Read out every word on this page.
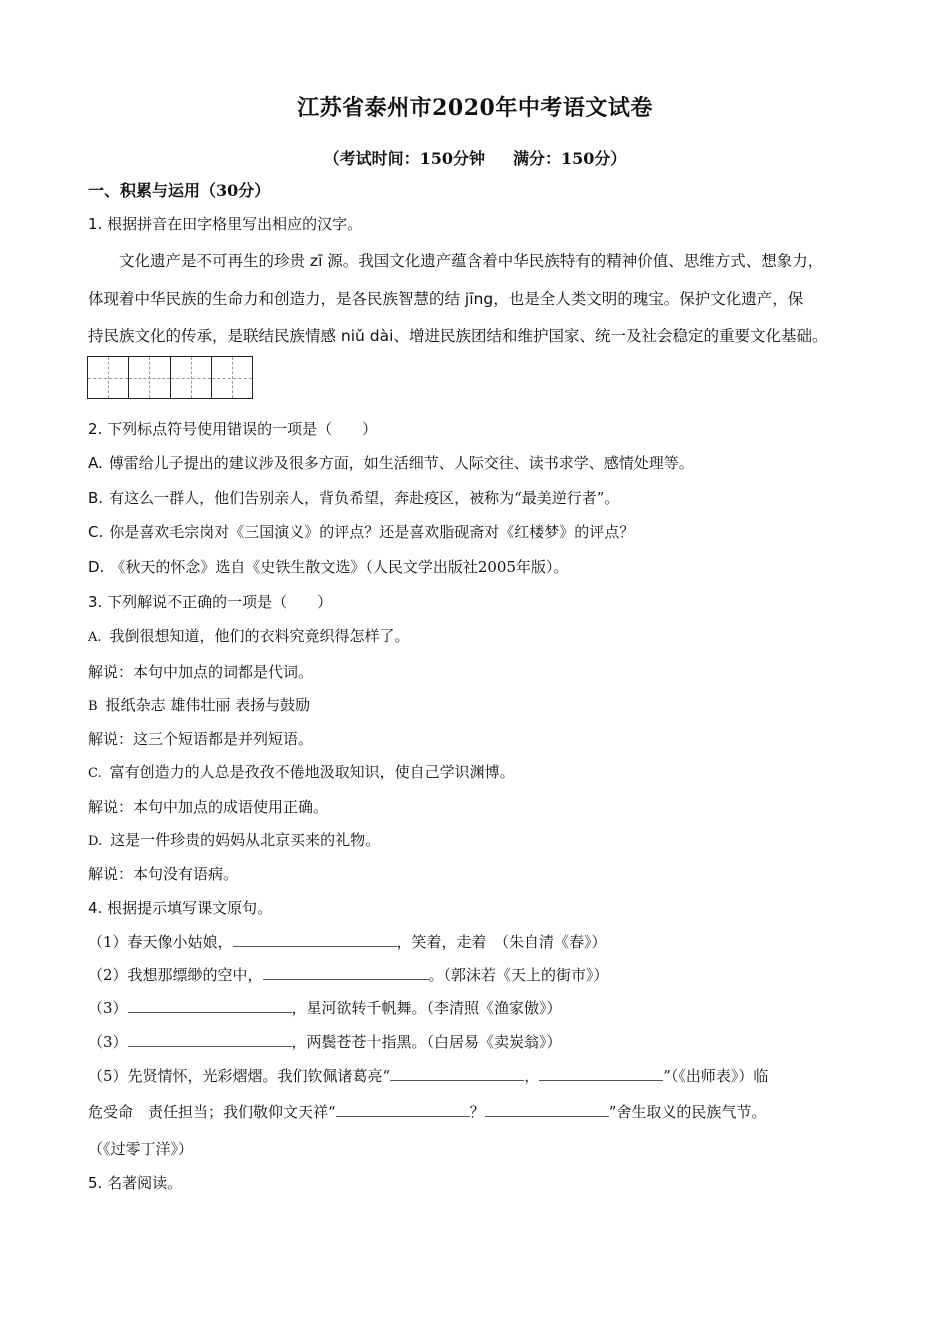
江苏省泰州市2020年中考语文试卷
（考试时间：150分钟 满分：150分）
一、积累与运用（30分）
1. 根据拼音在田字格里写出相应的汉字。
　　文化遗产是不可再生的珍贵 zī 源。我国文化遗产蕴含着中华民族特有的精神价值、思维方式、想象力，
体现着中华民族的生命力和创造力，是各民族智慧的结 jīng，也是全人类文明的瑰宝。保护文化遗产，保
持民族文化的传承，是联结民族情感 niǔ dài、增进民族团结和维护国家、统一及社会稳定的重要文化基础。
2. 下列标点符号使用错误的一项是（　　）
A. 傅雷给儿子提出的建议涉及很多方面，如生活细节、人际交往、读书求学、感情处理等。
B. 有这么一群人，他们告别亲人，背负希望，奔赴疫区，被称为“最美逆行者”。
C. 你是喜欢毛宗岗对《三国演义》的评点？还是喜欢脂砚斋对《红楼梦》的评点？
D. 《秋天的怀念》选自《史铁生散文选》（人民文学出版社2005年版）。
3. 下列解说不正确的一项是（　　）
A. 我倒很想知道，他们的衣料究竟织得怎样了。
解说：本句中加点的词都是代词。
B 报纸杂志 雄伟壮丽 表扬与鼓励
解说：这三个短语都是并列短语。
C. 富有创造力的人总是孜孜不倦地汲取知识，使自己学识渊博。
解说：本句中加点的成语使用正确。
D. 这是一件珍贵的妈妈从北京买来的礼物。
解说：本句没有语病。
4. 根据提示填写课文原句。
（1）春天像小姑娘，	，笑着，走着　（朱自清《春》）
（2）我想那缥缈的空中，	。（郭沫若《天上的街市》）
（3）	，星河欲转千帆舞。（李清照《渔家傲》）
（3）	，两鬓苍苍十指黑。（白居易《卖炭翁》）
（5）先贤情怀，光彩熠熠。我们钦佩诸葛亮“	，	”（《出师表》）临
危受命　责任担当；我们敬仰文天祥“	？	”舍生取义的民族气节。
（《过零丁洋》）
5. 名著阅读。
